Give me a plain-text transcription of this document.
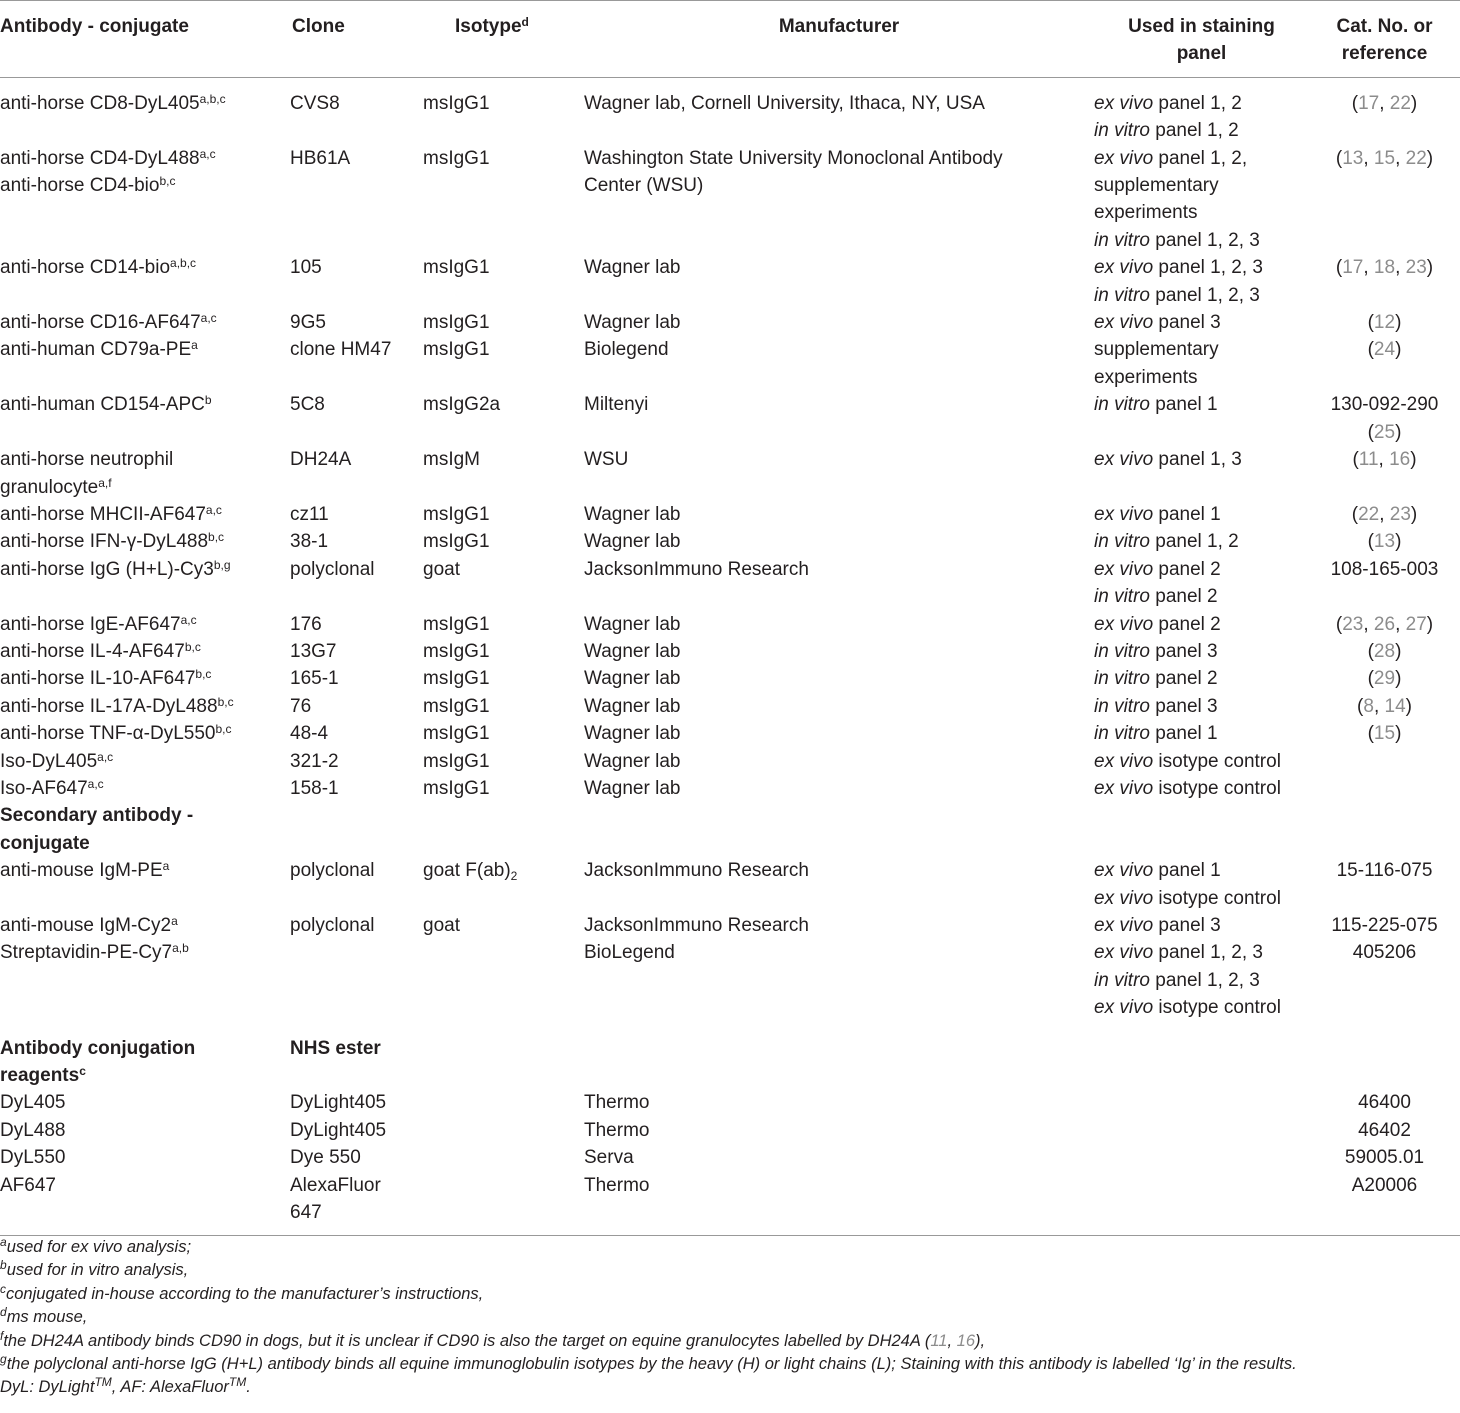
Antibody - conjugate	Clone	Isotype$^d$	Manufacturer	Used in staining
panel	Cat. No. or
reference

anti-horse CD8-DyL405$^{a,b,c}$	CVS8	msIgG1	Wagner lab, Cornell University, Ithaca, NY, USA	ex vivo panel 1, 2
in vitro panel 1, 2	(17, 22)

anti-horse CD4-DyL488$^{a,c}$
anti-horse CD4-bio$^{b,c}$	HB61A	msIgG1	Washington State University Monoclonal Antibody
Center (WSU)	ex vivo panel 1, 2,
supplementary
experiments
in vitro panel 1, 2, 3	(13, 15, 22)

anti-horse CD14-bio$^{a,b,c}$	105	msIgG1	Wagner lab	ex vivo panel 1, 2, 3
in vitro panel 1, 2, 3	(17, 18, 23)

anti-horse CD16-AF647$^{a,c}$	9G5	msIgG1	Wagner lab	ex vivo panel 3	(12)

anti-human $CD79a-PE^a$	clone HM47	msIgG1	Biolegend	supplementary
experiments	(24)

anti-human CD154-APC$^b$	5C8	msIgG2a	Miltenyi	in vitro panel 1	130-092-290
(25)

anti-horse neutrophil
granulocyte$^{a,f}$	DH24A	msIgM	WSU	ex vivo panel 1, 3	(11, 16)

anti-horse MHCII-AF647$^{a,c}$	cz11	msIgG1	Wagner lab	ex vivo panel 1	(22, 23)

anti-horse IFN-γ-DyL488$^{b,c}$	38-1	msIgG1	Wagner lab	in vitro panel 1, 2	(13)

anti-horse IgG $(H+L)-Cy3^{b,g}$	polyclonal	goat	JacksonImmuno Research	ex vivo panel 2
in vitro panel 2	108-165-003

anti-horse IgE-AF647$^{a,c}$	176	msIgG1	Wagner lab	ex vivo panel 2	(23, 26, 27)

anti-horse IL-4-AF647$^{b,c}$	13G7	msIgG1	Wagner lab	in vitro panel 3	(28)

anti-horse IL-10-AF647$^{b,c}$	165-1	msIgG1	Wagner lab	in vitro panel 2	(29)

anti-horse IL-17A-DyL488$^{b,c}$	76	msIgG1	Wagner lab	in vitro panel 3	(8, 14)

anti-horse TNF-α-DyL550$^{b,c}$	48-4	msIgG1	Wagner lab	in vitro panel 1	(15)

Iso-DyL405$^{a,c}$	321-2	msIgG1	Wagner lab	ex vivo isotype control	

Iso-AF647$^{a,c}$	158-1	msIgG1	Wagner lab	ex vivo isotype control	

Secondary antibody -
conjugate					

anti-mouse IgM-$PE^a$	polyclonal	goat $F(ab)_2$	JacksonImmuno Research	ex vivo panel 1
ex vivo isotype control	15-116-075

anti-mouse IgM-Cy2$^a$	polyclonal	goat	JacksonImmuno Research	ex vivo panel 3	115-225-075

Streptavidin-PE-Cy7$^{a,b}$			BioLegend	ex vivo panel 1, 2, 3
in vitro panel 1, 2, 3
ex vivo isotype control	405206

Antibody conjugation
reagents$^c$	NHS ester				
DyL405	DyLight405		Thermo		46400
DyL488	DyLight405		Thermo		46402
DyL550	Dye 550		Serva		59005.01
AF647	AlexaFluor
647		Thermo		A20006
$^a$used for ex vivo analysis;
$^b$used for in vitro analysis,
$^c$conjugated in-house according to the manufacturer’s instructions,
$^d$ms mouse,
$^f$the DH24A antibody binds CD90 in dogs, but it is unclear if CD90 is also the target on equine granulocytes labelled by DH24A (11, 16),
$^g$the polyclonal anti-horse IgG (H+L) antibody binds all equine immunoglobulin isotypes by the heavy (H) or light chains (L); Staining with this antibody is labelled ‘Ig’ in the results.
DyL: DyLight™, AF: AlexaFluor™.
